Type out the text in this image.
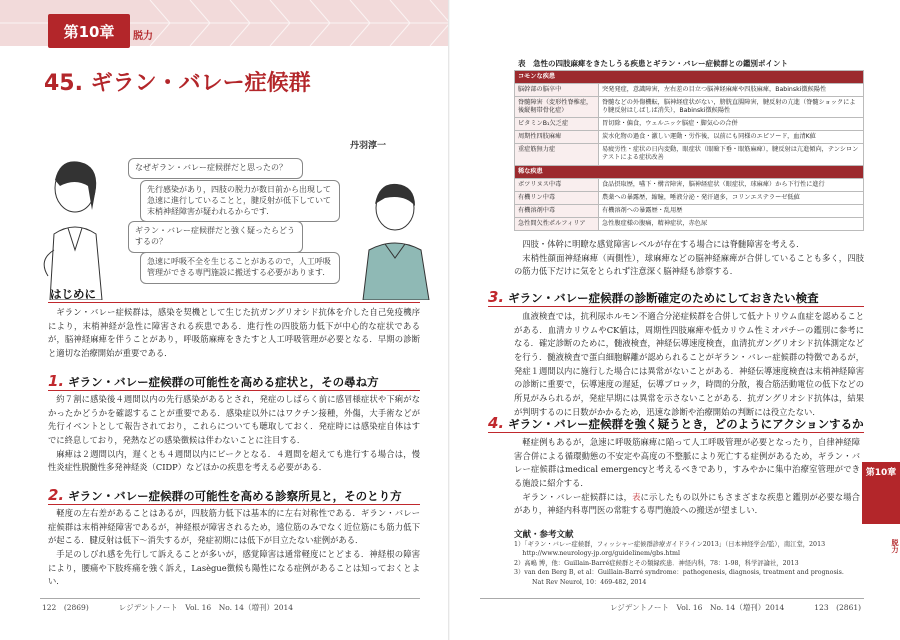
第10章	脱力
45. ギラン・バレー症候群
丹羽淳一
なぜギラン・バレー症候群だと思ったの？
先行感染があり，四肢の脱力が数日前から出現して急速に進行していることと，腱反射が低下していて末梢神経障害が疑われるからです．
ギラン・バレー症候群だと強く疑ったらどうするの？
急速に呼吸不全を生じることがあるので，人工呼吸管理ができる専門施設に搬送する必要があります．
はじめに

ギラン・バレー症候群は，感染を契機として生じた抗ガングリオシド抗体を介した自己免疫機序により，末梢神経が急性に障害される疾患である．進行性の四肢筋力低下が中心的な症状であるが，脳神経麻痺を伴うことがあり，呼吸筋麻痺をきたすと人工呼吸管理が必要となる．早期の診断と適切な治療開始が重要である．

1. ギラン・バレー症候群の可能性を高める症状と，その尋ね方

約７割に感染後４週間以内の先行感染があるとされ，発症のしばらく前に感冒様症状や下痢がなかったかどうかを確認することが重要である．感染症以外にはワクチン接種，外傷，大手術などが先行イベントとして報告されており，これらについても聴取しておく．発症時には感染症自体はすでに終息しており，発熱などの感染徴候は伴わないことに注目する．

麻痺は２週間以内，遅くとも４週間以内にピークとなる．４週間を超えても進行する場合は，慢性炎症性脱髄性多発神経炎（CIDP）などほかの疾患を考える必要がある．

2. ギラン・バレー症候群の可能性を高める診察所見と，そのとり方

軽度の左右差があることはあるが，四肢筋力低下は基本的に左右対称性である．ギラン・バレー症候群は末梢神経障害であるが，神経根が障害されるため，遠位筋のみでなく近位筋にも筋力低下が起こる．腱反射は低下〜消失するが，発症初期には低下が目立たない症例がある．

手足のしびれ感を先行して訴えることが多いが，感覚障害は通常軽度にとどまる．神経根の障害により，腰痛や下肢疼痛を強く訴え，Lasègue徴候も陽性になる症例があることは知っておくとよい．

122　(2869)　　　　レジデントノート　Vol. 16　No. 14（増刊）2014
表　急性の四肢麻痺をきたしうる疾患とギラン・バレー症候群との鑑別ポイント
コモンな疾患	
脳幹部の脳卒中	突発発症，意識障害，左右差の目立つ脳神経麻痺や四肢麻痺，Babinski徴候陽性
脊髄障害（変形性脊椎症，後縦靭帯骨化症）	脊髄などの外傷機転，脳神経症状がない，膀胱直腸障害，腱反射の亢進（脊髄ショックにより腱反射はしばしば消失），Babinski徴候陽性
ビタミンB₁欠乏症	胃切除・偏食，ウェルニッケ脳症・脚気心の合併
周期性四肢麻痺	炭水化物の過食・激しい運動・労作後，以前にも同様のエピソード，血清K値
重症筋無力症	易疲労性・症状の日内変動，眼症状（眼瞼下垂・眼筋麻痺），腱反射は亢進傾向，テンシロンテストによる症状改善
稀な疾患	
ボツリヌス中毒	食品摂取歴，嚥下・構音障害，脳神経症状（眼症状，球麻痺）から下行性に進行
有機リン中毒	農薬への暴露歴，縮瞳，唾液分泌・発汗過多，コリンエステラーゼ低値
有機溶剤中毒	有機溶剤への暴露歴・乱用歴
急性間欠性ポルフィリア	急性腹症様の腹痛，精神症状，赤色尿

四肢・体幹に明瞭な感覚障害レベルが存在する場合には脊髄障害を考える．

末梢性顔面神経麻痺（両側性），球麻痺などの脳神経麻痺が合併していることも多く，四肢の筋力低下だけに気をとられず注意深く脳神経も診察する．

3. ギラン・バレー症候群の診断確定のためにしておきたい検査

血液検査では，抗利尿ホルモン不適合分泌症候群を合併して低ナトリウム血症を認めることがある．血清カリウムやCK値は，周期性四肢麻痺や低カリウム性ミオパチーの鑑別に参考になる．確定診断のために，髄液検査，神経伝導速度検査，血清抗ガングリオシド抗体測定などを行う．髄液検査で蛋白細胞解離が認められることがギラン・バレー症候群の特徴であるが，発症１週間以内に施行した場合には異常がないことがある．神経伝導速度検査は末梢神経障害の診断に重要で，伝導速度の遅延，伝導ブロック，時間的分散，複合筋活動電位の低下などの所見がみられるが，発症早期には異常を示さないことがある．抗ガングリオシド抗体は，結果が判明するのに日数がかかるため，迅速な診断や治療開始の判断には役立たない．

4. ギラン・バレー症候群を強く疑うとき，どのようにアクションするか

軽症例もあるが，急速に呼吸筋麻痺に陥って人工呼吸管理が必要となったり，自律神経障害合併による循環動態の不安定や高度の不整脈により死亡する症例があるため，ギラン・バレー症候群はmedical emergencyと考えるべきであり，すみやかに集中治療室管理ができる施設に紹介する．

ギラン・バレー症候群には，表に示したもの以外にもさまざまな疾患と鑑別が必要な場合があり，神経内科専門医の常駐する専門施設への搬送が望ましい．

文献・参考文献
1）「ギラン・バレー症候群，フィッシャー症候群診療ガイドライン2013」（日本神経学会/監），南江堂，2013
　 http://www.neurology-jp.org/guidelinem/gbs.html
2）高嶋 博，他：Guillain-Barré症候群とその類縁疾患．神経内科，78：1-98，科学評論社，2013
3）van den Berg B, et al：Guillain-Barré syndrome：pathogenesis, diagnosis, treatment and prognosis. Nat Rev Neurol, 10：469-482, 2014
第10章
脱力
レジデントノート　Vol. 16　No. 14（増刊）2014　　　　123　(2861)
